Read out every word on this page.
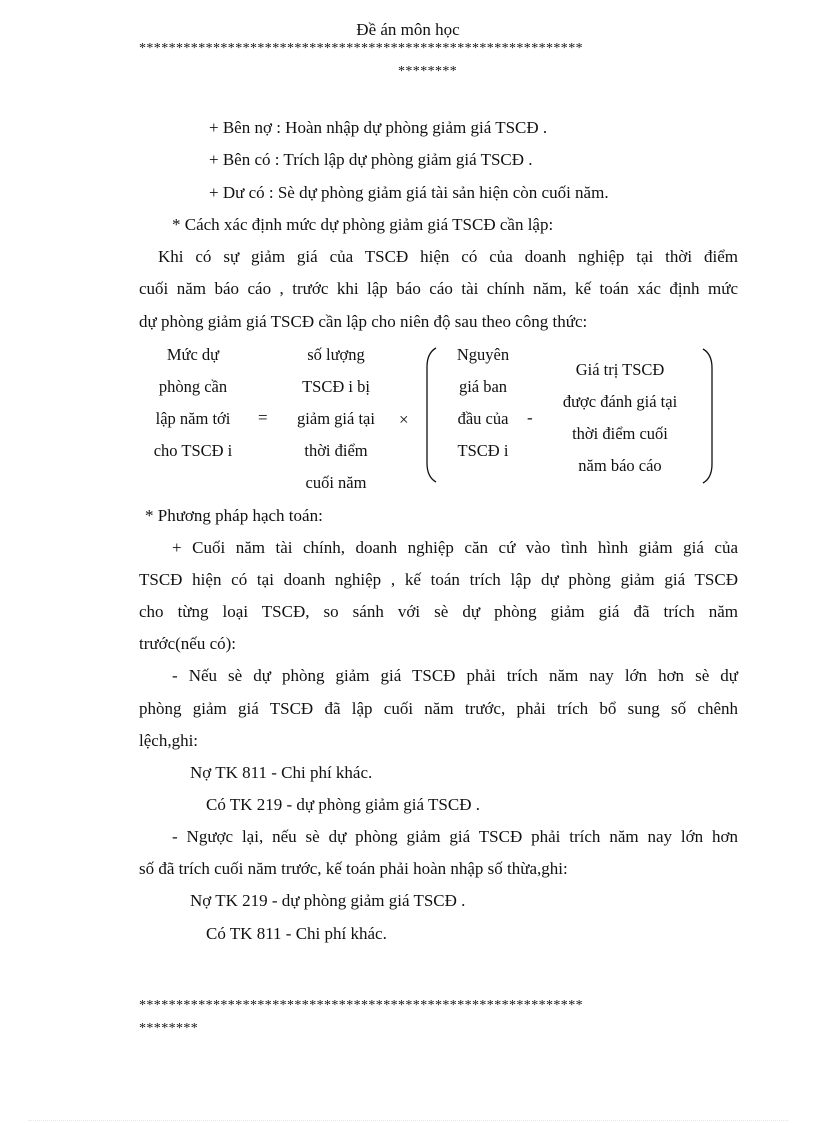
Đề án môn học
************************************************************
********
+ Bên nợ : Hoàn nhập dự phòng giảm giá TSCĐ .
+ Bên có : Trích lập dự phòng giảm giá TSCĐ .
+ Dư có : Sè dự phòng giảm giá tài sản hiện còn cuối năm.
* Cách xác định mức dự phòng giảm giá TSCĐ cần lập:
Khi có sự giảm giá của TSCĐ hiện có của doanh nghiệp tại thời điểm
cuối năm báo cáo , trước khi lập báo cáo tài chính năm, kế toán xác định mức
dự phòng giảm giá TSCĐ cần lập cho niên độ sau theo công thức:
Mức dự
phòng cần
lập năm tới
cho TSCĐ i
=
số lượng
TSCĐ i bị
giảm giá tại
thời điểm
cuối năm
×
Nguyên
giá ban
đầu của
TSCĐ i
-
Giá trị TSCĐ
được đánh giá tại
thời điểm cuối
năm báo cáo
* Phương pháp hạch toán:
+ Cuối năm tài chính, doanh nghiệp căn cứ vào tình hình giảm giá của
TSCĐ hiện có tại doanh nghiệp , kế toán trích lập dự phòng giảm giá TSCĐ
cho từng loại TSCĐ, so sánh với sè dự phòng giảm giá đã trích năm
trước(nếu có):
- Nếu sè dự phòng giảm giá TSCĐ phải trích năm nay lớn hơn sè dự
phòng giảm giá TSCĐ đã lập cuối năm trước, phải trích bổ sung số chênh
lệch,ghi:
Nợ TK 811 - Chi phí khác.
Có TK 219 - dự phòng giảm giá TSCĐ .
- Ngược lại, nếu sè dự phòng giảm giá TSCĐ phải trích năm nay lớn hơn
số đã trích cuối năm trước, kế toán phải hoàn nhập số thừa,ghi:
Nợ TK 219 - dự phòng giảm giá TSCĐ .
Có TK 811 - Chi phí khác.
************************************************************
********
